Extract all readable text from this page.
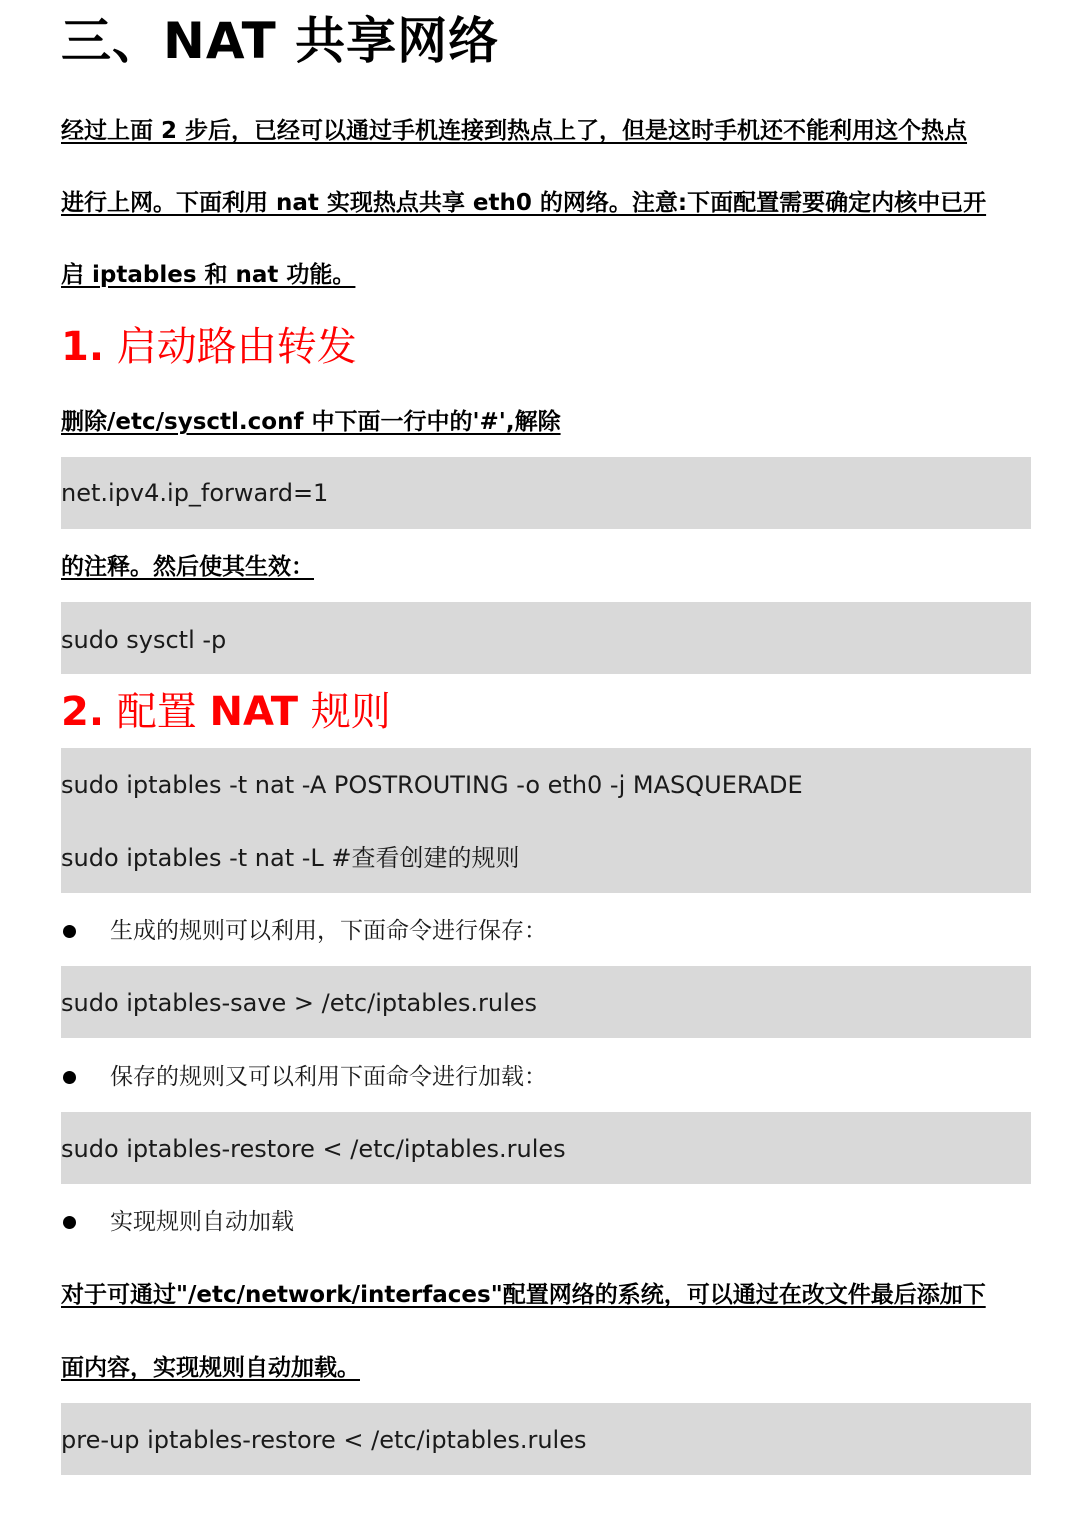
三、NAT 共享网络
经过上面 2 步后，已经可以通过手机连接到热点上了，但是这时手机还不能利用这个热点
进行上网。下面利用 nat 实现热点共享 eth0 的网络。注意:下面配置需要确定内核中已开
启 iptables 和 nat 功能。
1. 启动路由转发
删除/etc/sysctl.conf 中下面一行中的'#',解除
net.ipv4.ip_forward=1
的注释。然后使其生效：
sudo sysctl -p
2. 配置 NAT 规则
sudo iptables -t nat -A POSTROUTING -o eth0 -j MASQUERADE
sudo iptables -t nat -L #查看创建的规则
生成的规则可以利用，下面命令进行保存：
sudo iptables-save > /etc/iptables.rules
保存的规则又可以利用下面命令进行加载：
sudo iptables-restore < /etc/iptables.rules
实现规则自动加载
对于可通过"/etc/network/interfaces"配置网络的系统，可以通过在改文件最后添加下
面内容，实现规则自动加载。
pre-up iptables-restore < /etc/iptables.rules
